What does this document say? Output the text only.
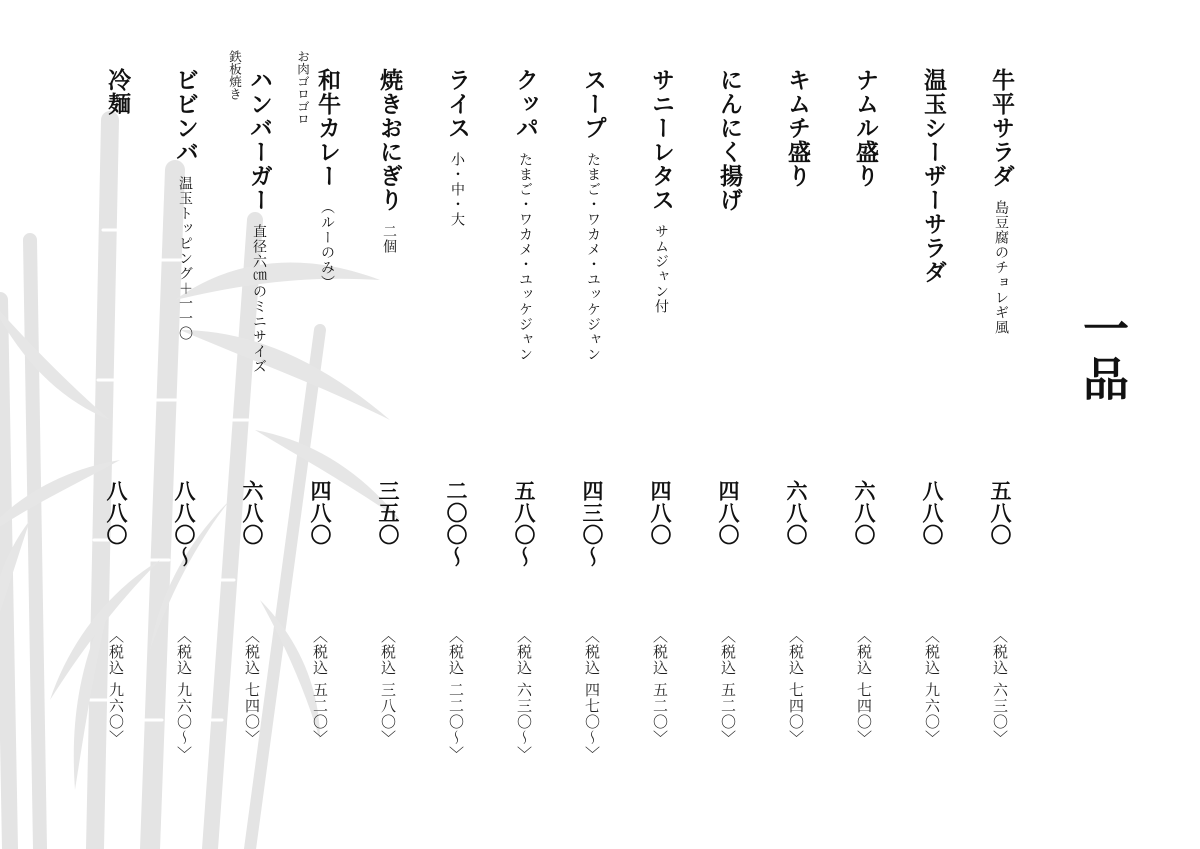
一品
牛平サラダ
島豆腐のチョレギ風
五八〇
〈税込 六三〇〉
温玉シーザーサラダ
八八〇
〈税込 九六〇〉
ナムル盛り
六八〇
〈税込 七四〇〉
キムチ盛り
六八〇
〈税込 七四〇〉
にんにく揚げ
四八〇
〈税込 五二〇〉
サニーレタス
サムジャン付
四八〇
〈税込 五二〇〉
スープ
たまご・ワカメ・ユッケジャン
四三〇〜
〈税込 四七〇〜〉
クッパ
たまご・ワカメ・ユッケジャン
五八〇〜
〈税込 六三〇〜〉
ライス
小・中・大
二〇〇〜
〈税込 二二〇〜〉
焼きおにぎり
二個
三五〇
〈税込 三八〇〉
和牛カレー
お肉ゴロゴロ
（ルーのみ）
四八〇
〈税込 五二〇〉
ハンバーガー
鉄板焼き
直径六㎝のミニサイズ
六八〇
〈税込 七四〇〉
ビビンバ
温玉トッピング＋一一〇
八八〇〜
〈税込 九六〇〜〉
冷麺
八八〇
〈税込 九六〇〉
